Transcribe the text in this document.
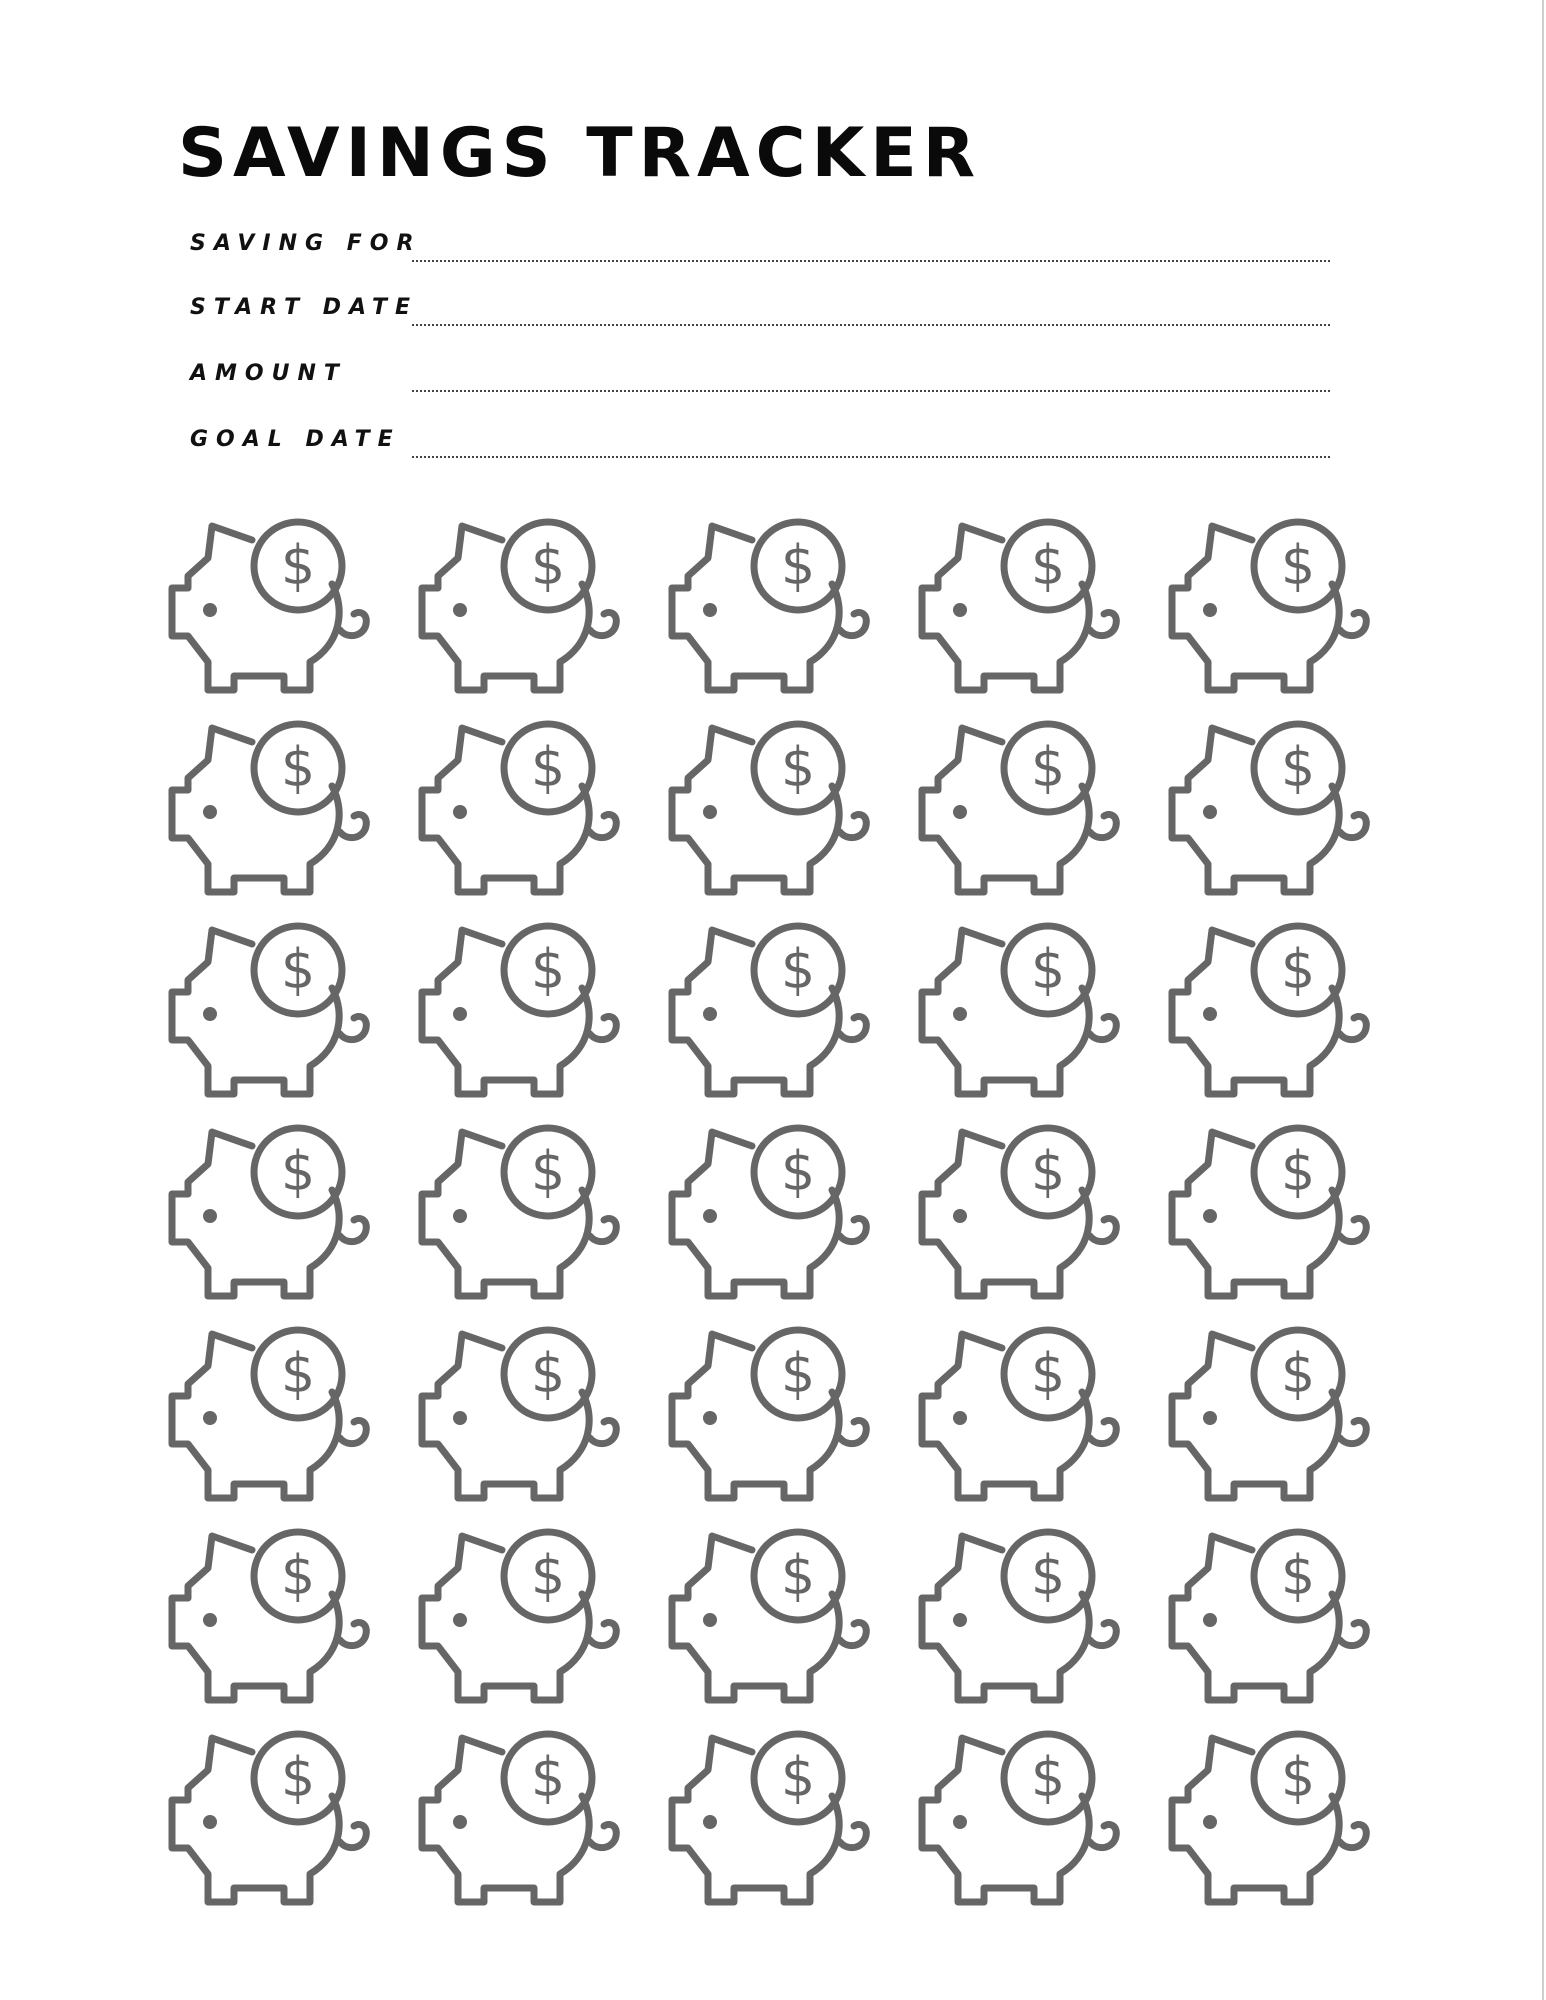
SAVINGS TRACKER
SAVING FOR
START DATE
AMOUNT
GOAL DATE
$	$	$	$	$
$	$	$	$	$
$	$	$	$	$
$	$	$	$	$
$	$	$	$	$
$	$	$	$	$
$	$	$	$	$
